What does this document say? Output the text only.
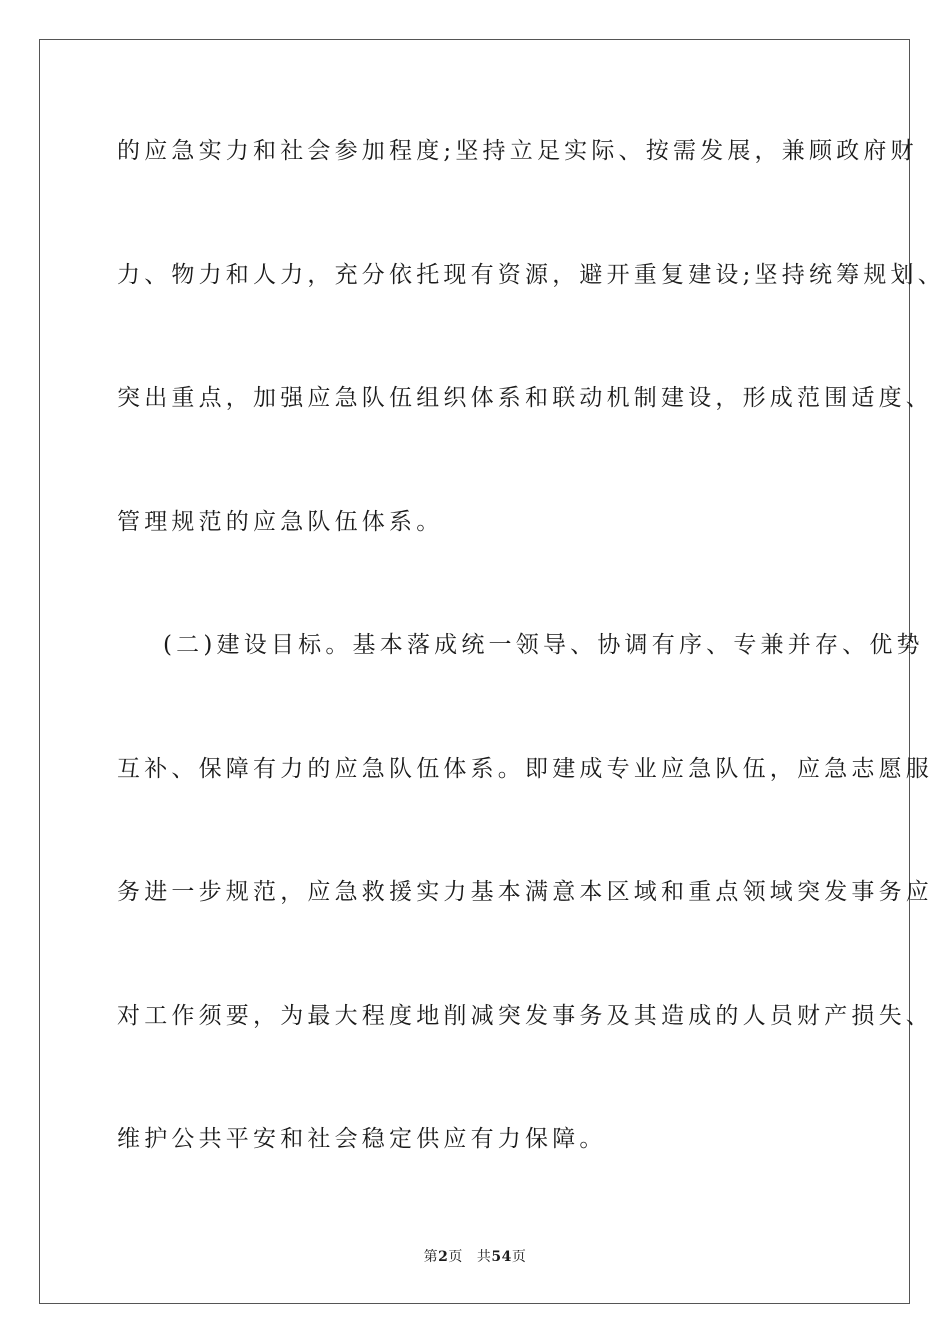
的应急实力和社会参加程度;坚持立足实际、按需发展，兼顾政府财
力、物力和人力，充分依托现有资源，避开重复建设;坚持统筹规划、
突出重点，加强应急队伍组织体系和联动机制建设，形成范围适度、
管理规范的应急队伍体系。
(二)建设目标。基本落成统一领导、协调有序、专兼并存、优势
互补、保障有力的应急队伍体系。即建成专业应急队伍，应急志愿服
务进一步规范，应急救援实力基本满意本区域和重点领域突发事务应
对工作须要，为最大程度地削减突发事务及其造成的人员财产损失、
维护公共平安和社会稳定供应有力保障。
第2页 共54页
